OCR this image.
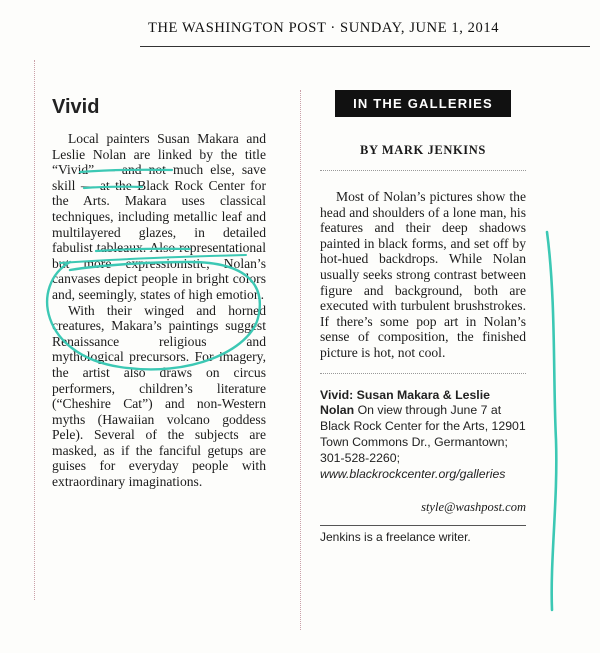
THE WASHINGTON POST · SUNDAY, JUNE 1, 2014
Vivid

Local painters Susan Makara and Leslie Nolan are linked by the title “Vivid” — and not much else, save skill — at the Black Rock Center for the Arts. Makara uses classical techniques, including metallic leaf and multilayered glazes, in detailed fabulist tableaux. Also representational but more expressionistic, Nolan’s canvases depict people in bright colors and, seemingly, states of high emotion.

With their winged and horned creatures, Makara’s paintings suggest Renaissance religious and mythological precursors. For imagery, the artist also draws on circus performers, children’s literature (“Cheshire Cat”) and non-Western myths (Hawaiian volcano goddess Pele). Several of the subjects are masked, as if the fanciful getups are guises for everyday people with extraordinary imaginations.

IN THE GALLERIES
BY MARK JENKINS

Most of Nolan’s pictures show the head and shoulders of a lone man, his features and their deep shadows painted in black forms, and set off by hot-hued backdrops. While Nolan usually seeks strong contrast between figure and background, both are executed with turbulent brushstrokes. If there’s some pop art in Nolan’s sense of composition, the finished picture is hot, not cool.

Vivid: Susan Makara & Leslie Nolan On view through June 7 at Black Rock Center for the Arts, 12901 Town Commons Dr., Germantown; 301-528-2260; www.blackrockcenter.org/galleries
style@washpost.com
Jenkins is a freelance writer.
